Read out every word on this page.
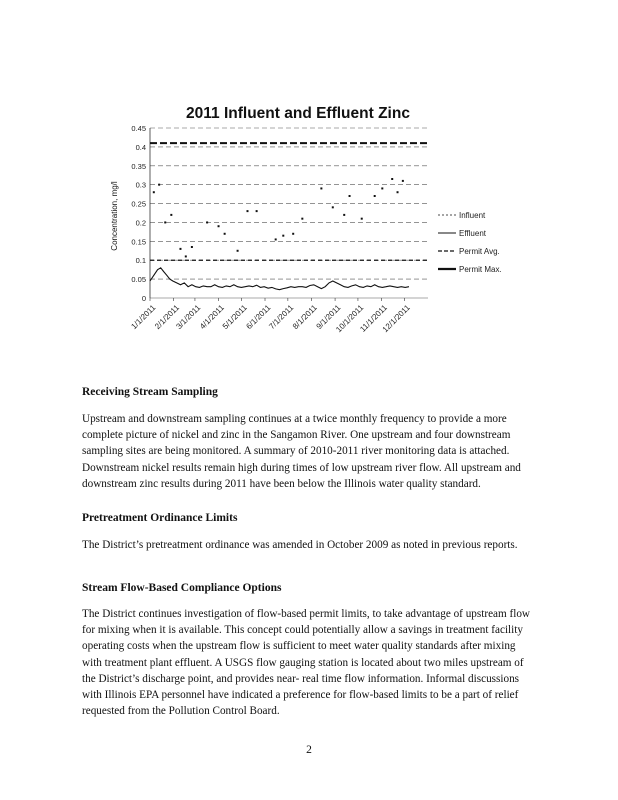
2011 Influent and Effluent Zinc
Concentration, mg/l
0
0.05
0.1
0.15
0.2
0.25
0.3
0.35
0.4
0.45
1/1/2011
2/1/2011
3/1/2011
4/1/2011
5/1/2011
6/1/2011
7/1/2011
8/1/2011
9/1/2011
10/1/2011
11/1/2011
12/1/2011
Influent
Effluent
Permit Avg.
Permit Max.
Receiving Stream Sampling

Upstream and downstream sampling continues at a twice monthly frequency to provide a more complete picture of nickel and zinc in the Sangamon River. One upstream and four downstream sampling sites are being monitored. A summary of 2010-2011 river monitoring data is attached. Downstream nickel results remain high during times of low upstream river flow. All upstream and downstream zinc results during 2011 have been below the Illinois water quality standard.

Pretreatment Ordinance Limits

The District’s pretreatment ordinance was amended in October 2009 as noted in previous reports.

Stream Flow-Based Compliance Options

The District continues investigation of flow-based permit limits, to take advantage of upstream flow for mixing when it is available. This concept could potentially allow a savings in treatment facility operating costs when the upstream flow is sufficient to meet water quality standards after mixing with treatment plant effluent. A USGS flow gauging station is located about two miles upstream of the District’s discharge point, and provides near- real time flow information. Informal discussions with Illinois EPA personnel have indicated a preference for flow-based limits to be a part of relief requested from the Pollution Control Board.

2
